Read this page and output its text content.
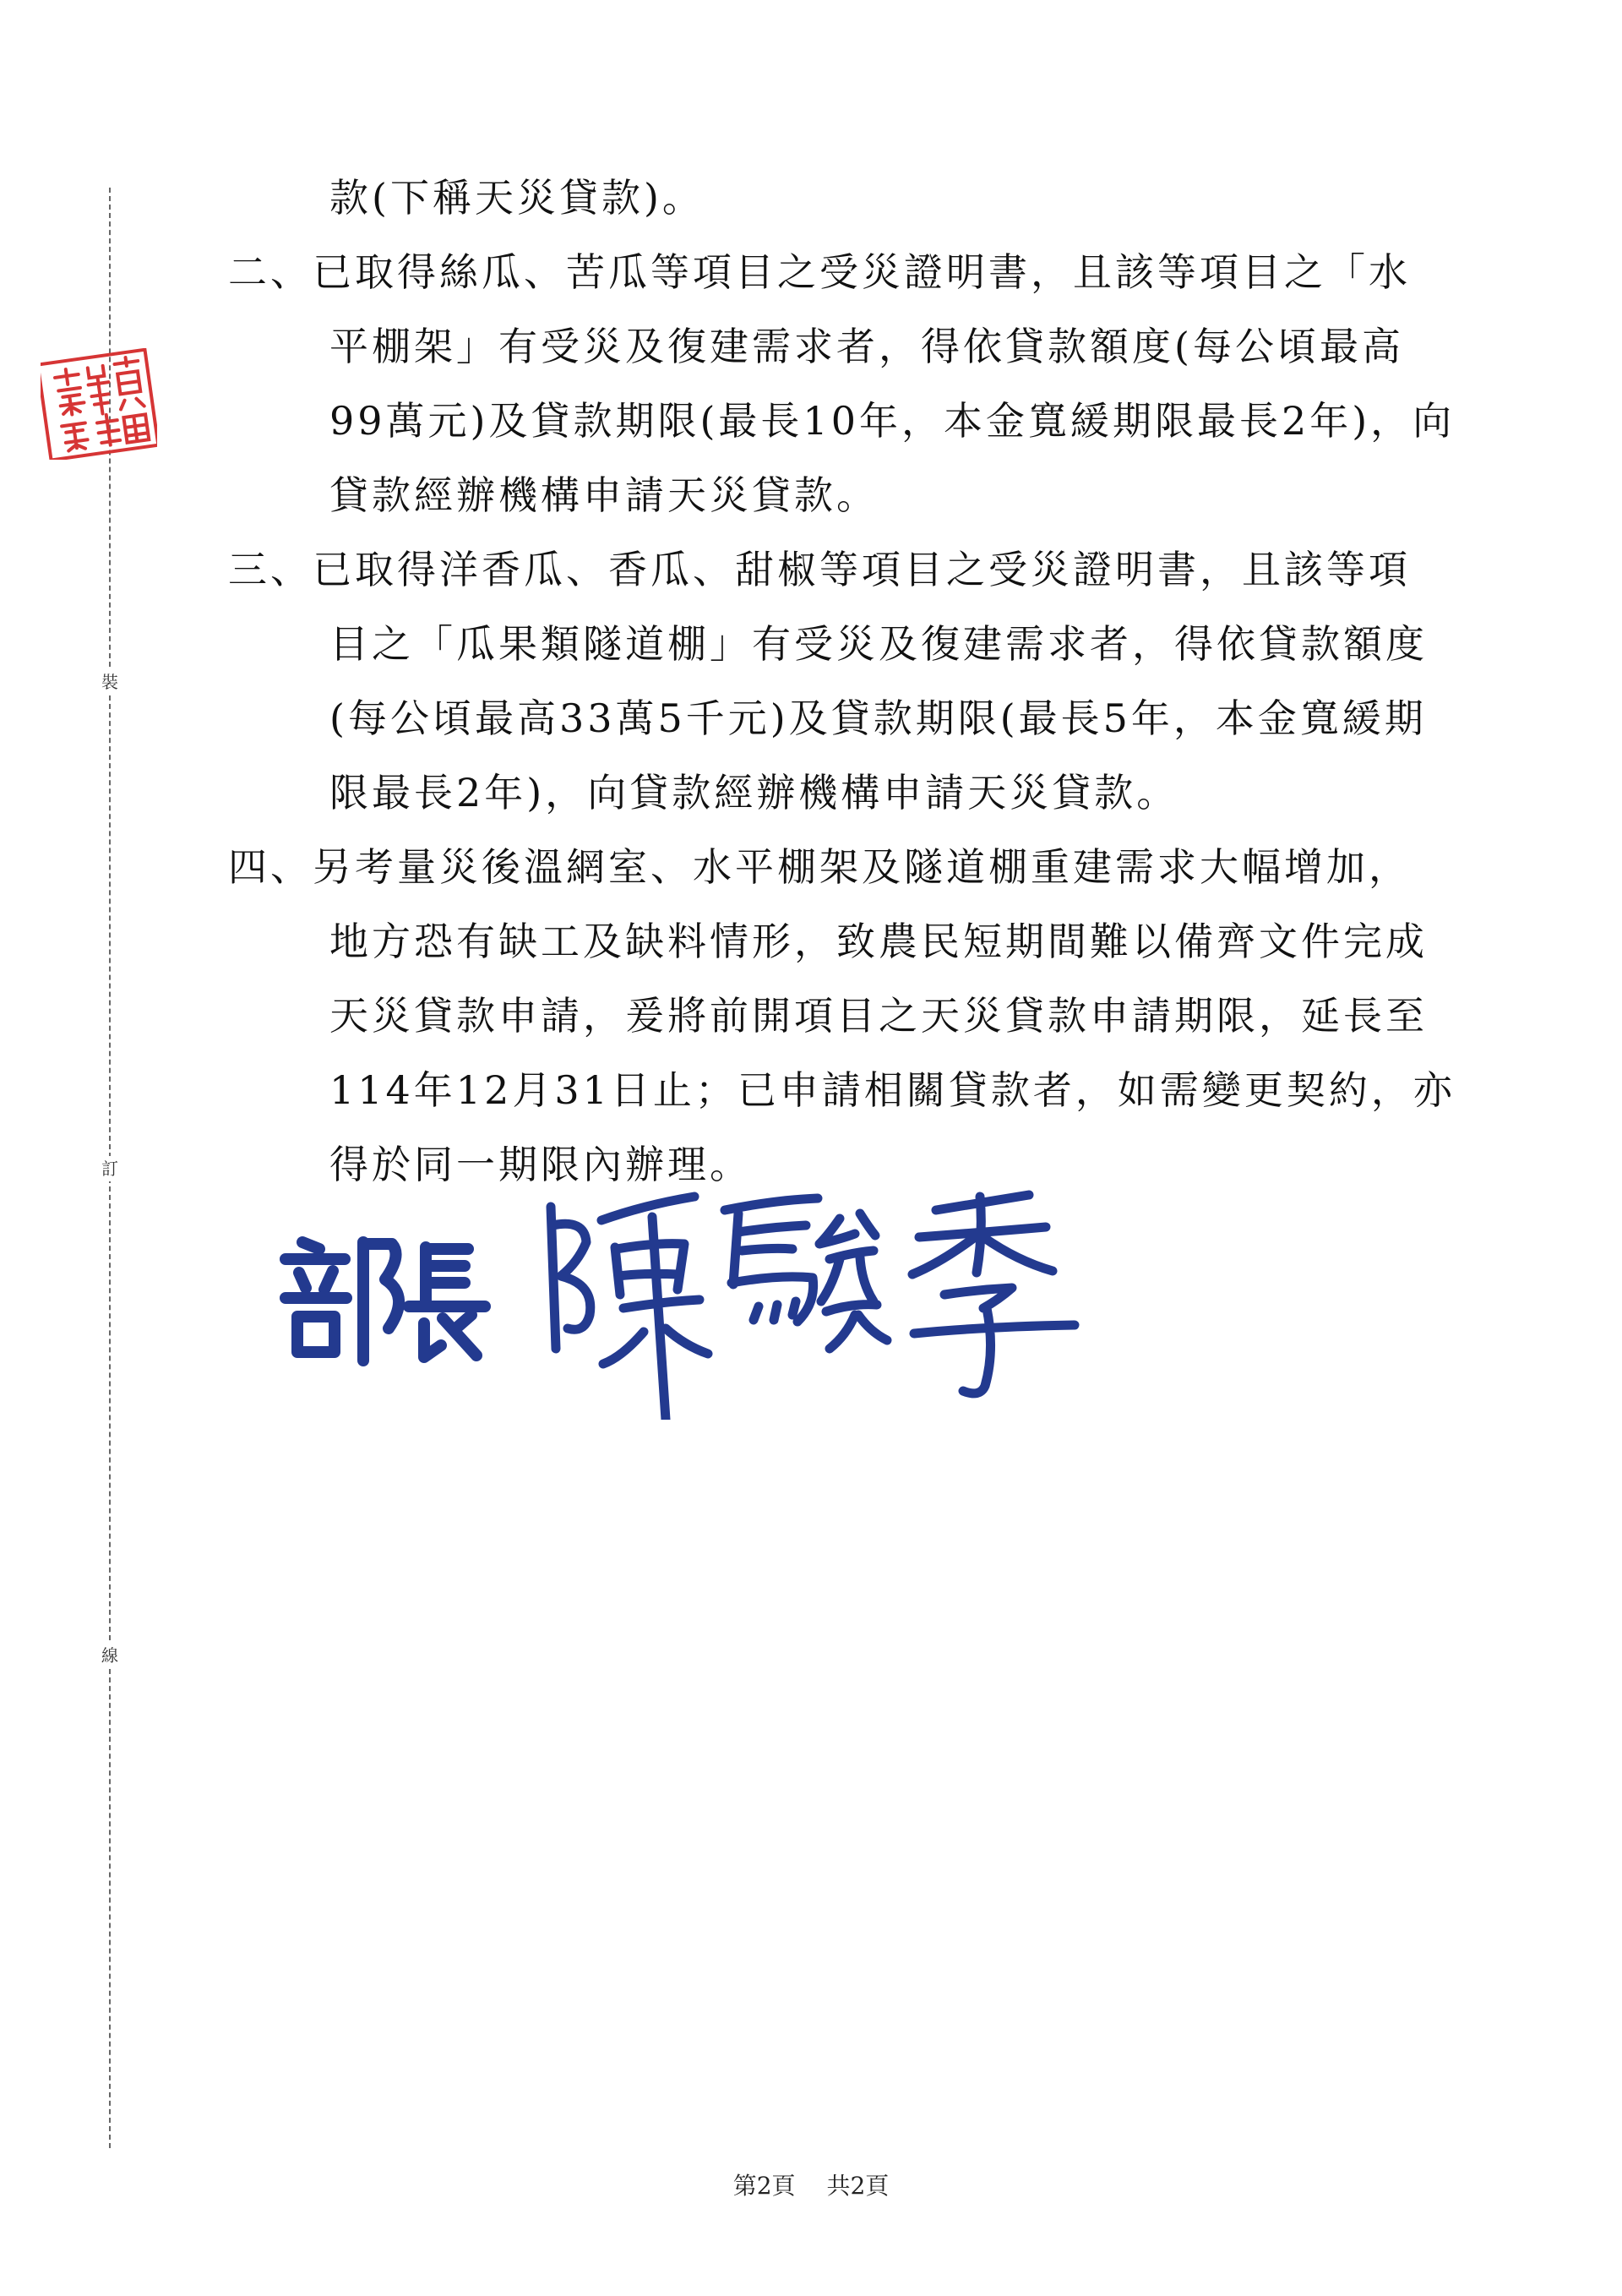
裝
訂
線
款(下稱天災貸款)。
二、已取得絲瓜、苦瓜等項目之受災證明書，且該等項目之「水
平棚架」有受災及復建需求者，得依貸款額度(每公頃最高
99萬元)及貸款期限(最長10年，本金寬緩期限最長2年)，向
貸款經辦機構申請天災貸款。
三、已取得洋香瓜、香瓜、甜椒等項目之受災證明書，且該等項
目之「瓜果類隧道棚」有受災及復建需求者，得依貸款額度
(每公頃最高33萬5千元)及貸款期限(最長5年，本金寬緩期
限最長2年)，向貸款經辦機構申請天災貸款。
四、另考量災後溫網室、水平棚架及隧道棚重建需求大幅增加，
地方恐有缺工及缺料情形，致農民短期間難以備齊文件完成
天災貸款申請，爰將前開項目之天災貸款申請期限，延長至
114年12月31日止；已申請相關貸款者，如需變更契約，亦
得於同一期限內辦理。
第2頁 共2頁
